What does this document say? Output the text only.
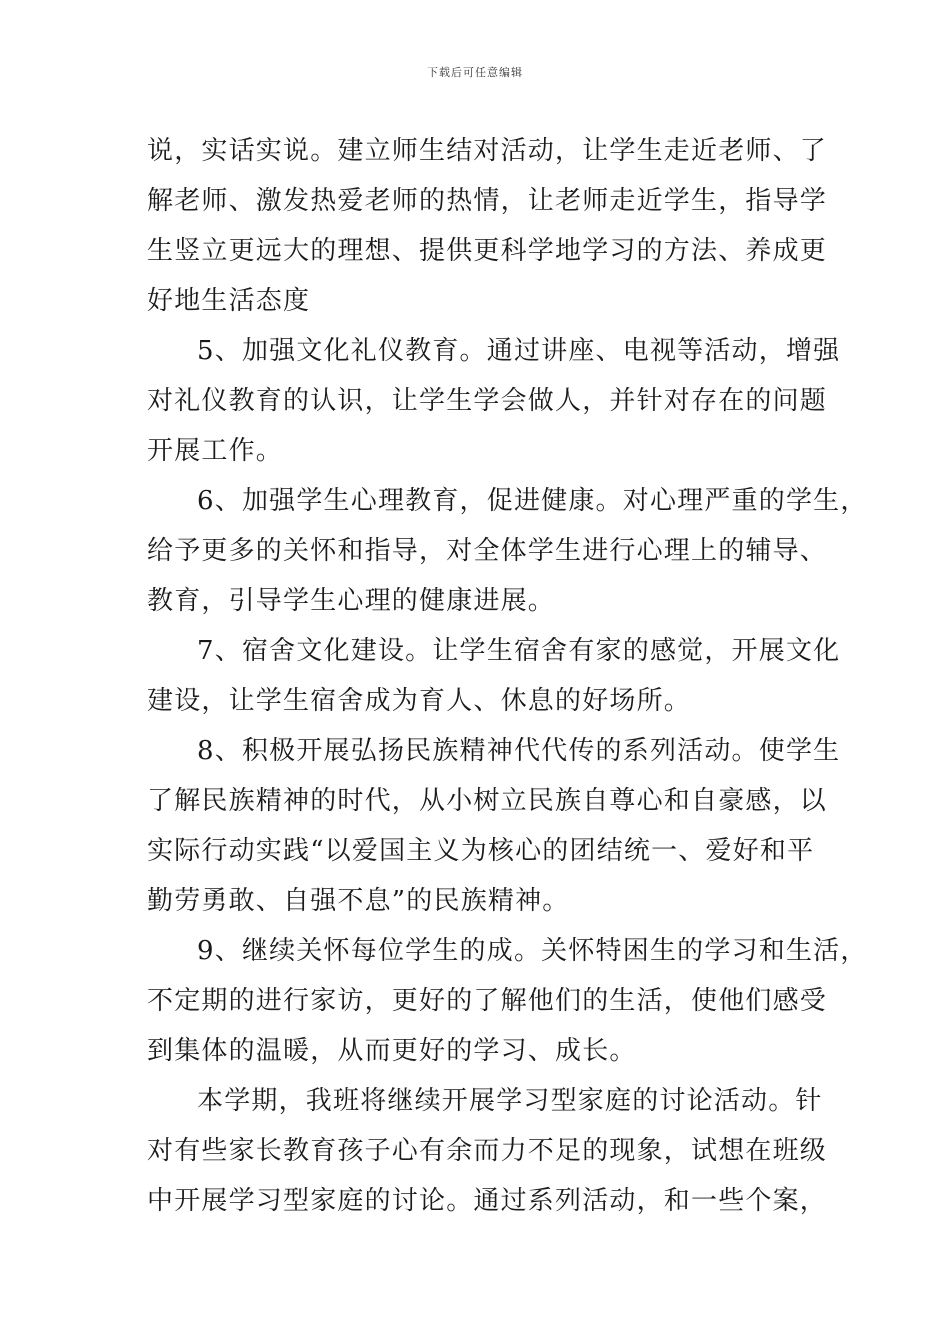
下载后可任意编辑
说，实话实说。建立师生结对活动，让学生走近老师、了
解老师、激发热爱老师的热情，让老师走近学生，指导学
生竖立更远大的理想、提供更科学地学习的方法、养成更
好地生活态度
5、加强文化礼仪教育。通过讲座、电视等活动，增强
对礼仪教育的认识，让学生学会做人，并针对存在的问题
开展工作。
6、加强学生心理教育，促进健康。对心理严重的学生，
给予更多的关怀和指导，对全体学生进行心理上的辅导、
教育，引导学生心理的健康进展。
7、宿舍文化建设。让学生宿舍有家的感觉，开展文化
建设，让学生宿舍成为育人、休息的好场所。
8、积极开展弘扬民族精神代代传的系列活动。使学生
了解民族精神的时代，从小树立民族自尊心和自豪感，以
实际行动实践“以爱国主义为核心的团结统一、爱好和平
勤劳勇敢、自强不息”的民族精神。
9、继续关怀每位学生的成。关怀特困生的学习和生活，
不定期的进行家访，更好的了解他们的生活，使他们感受
到集体的温暖，从而更好的学习、成长。
本学期，我班将继续开展学习型家庭的讨论活动。针
对有些家长教育孩子心有余而力不足的现象，试想在班级
中开展学习型家庭的讨论。通过系列活动，和一些个案，
